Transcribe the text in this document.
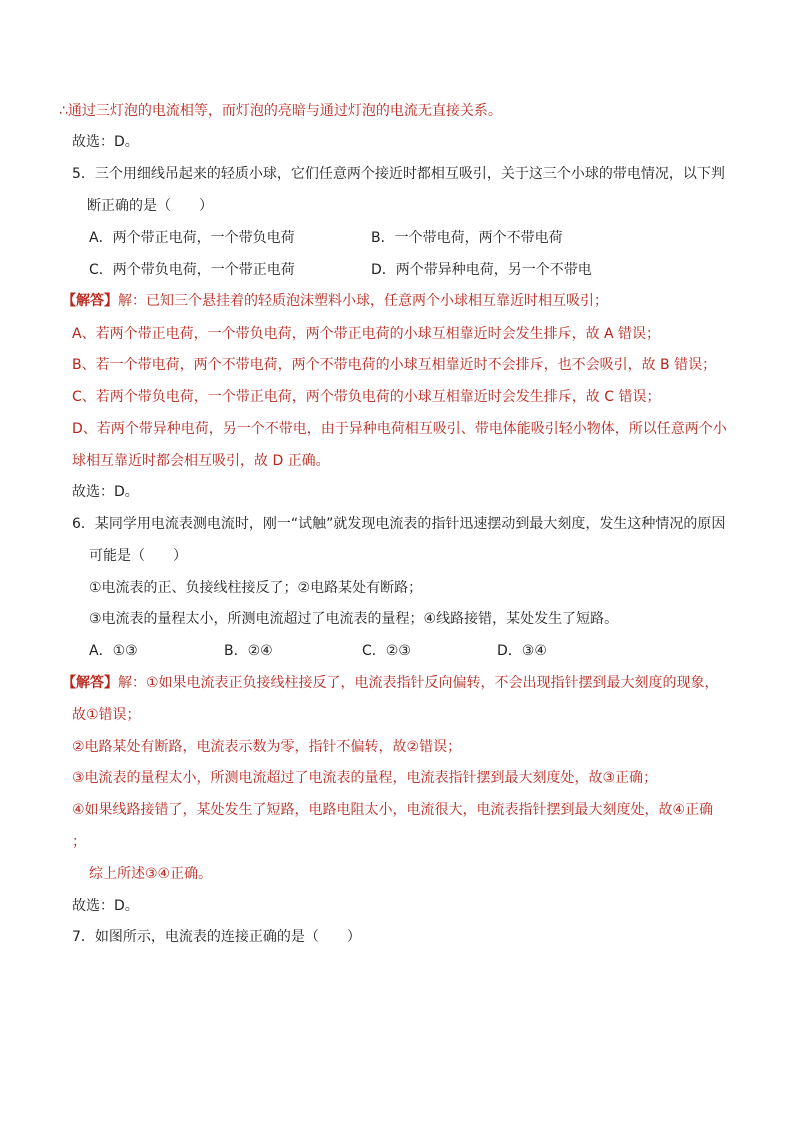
∴通过三灯泡的电流相等，而灯泡的亮暗与通过灯泡的电流无直接关系。
故选：D。
5．三个用细线吊起来的轻质小球，它们任意两个接近时都相互吸引，关于这三个小球的带电情况，以下判
断正确的是（　　）
A．两个带正电荷，一个带负电荷	B．一个带电荷，两个不带电荷
C．两个带负电荷，一个带正电荷	D．两个带异种电荷，另一个不带电
【解答】解：已知三个悬挂着的轻质泡沫塑料小球，任意两个小球相互靠近时相互吸引；
A、若两个带正电荷，一个带负电荷，两个带正电荷的小球互相靠近时会发生排斥，故 A 错误；
B、若一个带电荷，两个不带电荷，两个不带电荷的小球互相靠近时不会排斥，也不会吸引，故 B 错误；
C、若两个带负电荷，一个带正电荷，两个带负电荷的小球互相靠近时会发生排斥，故 C 错误；
D、若两个带异种电荷，另一个不带电，由于异种电荷相互吸引、带电体能吸引轻小物体，所以任意两个小
球相互靠近时都会相互吸引，故 D 正确。
故选：D。
6．某同学用电流表测电流时，刚一“试触”就发现电流表的指针迅速摆动到最大刻度，发生这种情况的原因
可能是（　　）
①电流表的正、负接线柱接反了；②电路某处有断路；
③电流表的量程太小，所测电流超过了电流表的量程；④线路接错，某处发生了短路。
A．①③	B．②④	C．②③	D．③④
【解答】解：①如果电流表正负接线柱接反了，电流表指针反向偏转，不会出现指针摆到最大刻度的现象，
故①错误；
②电路某处有断路，电流表示数为零，指针不偏转，故②错误；
③电流表的量程太小，所测电流超过了电流表的量程，电流表指针摆到最大刻度处，故③正确；
④如果线路接错了，某处发生了短路，电路电阻太小，电流很大，电流表指针摆到最大刻度处，故④正确
；
综上所述③④正确。
故选：D。
7．如图所示，电流表的连接正确的是（　　）
